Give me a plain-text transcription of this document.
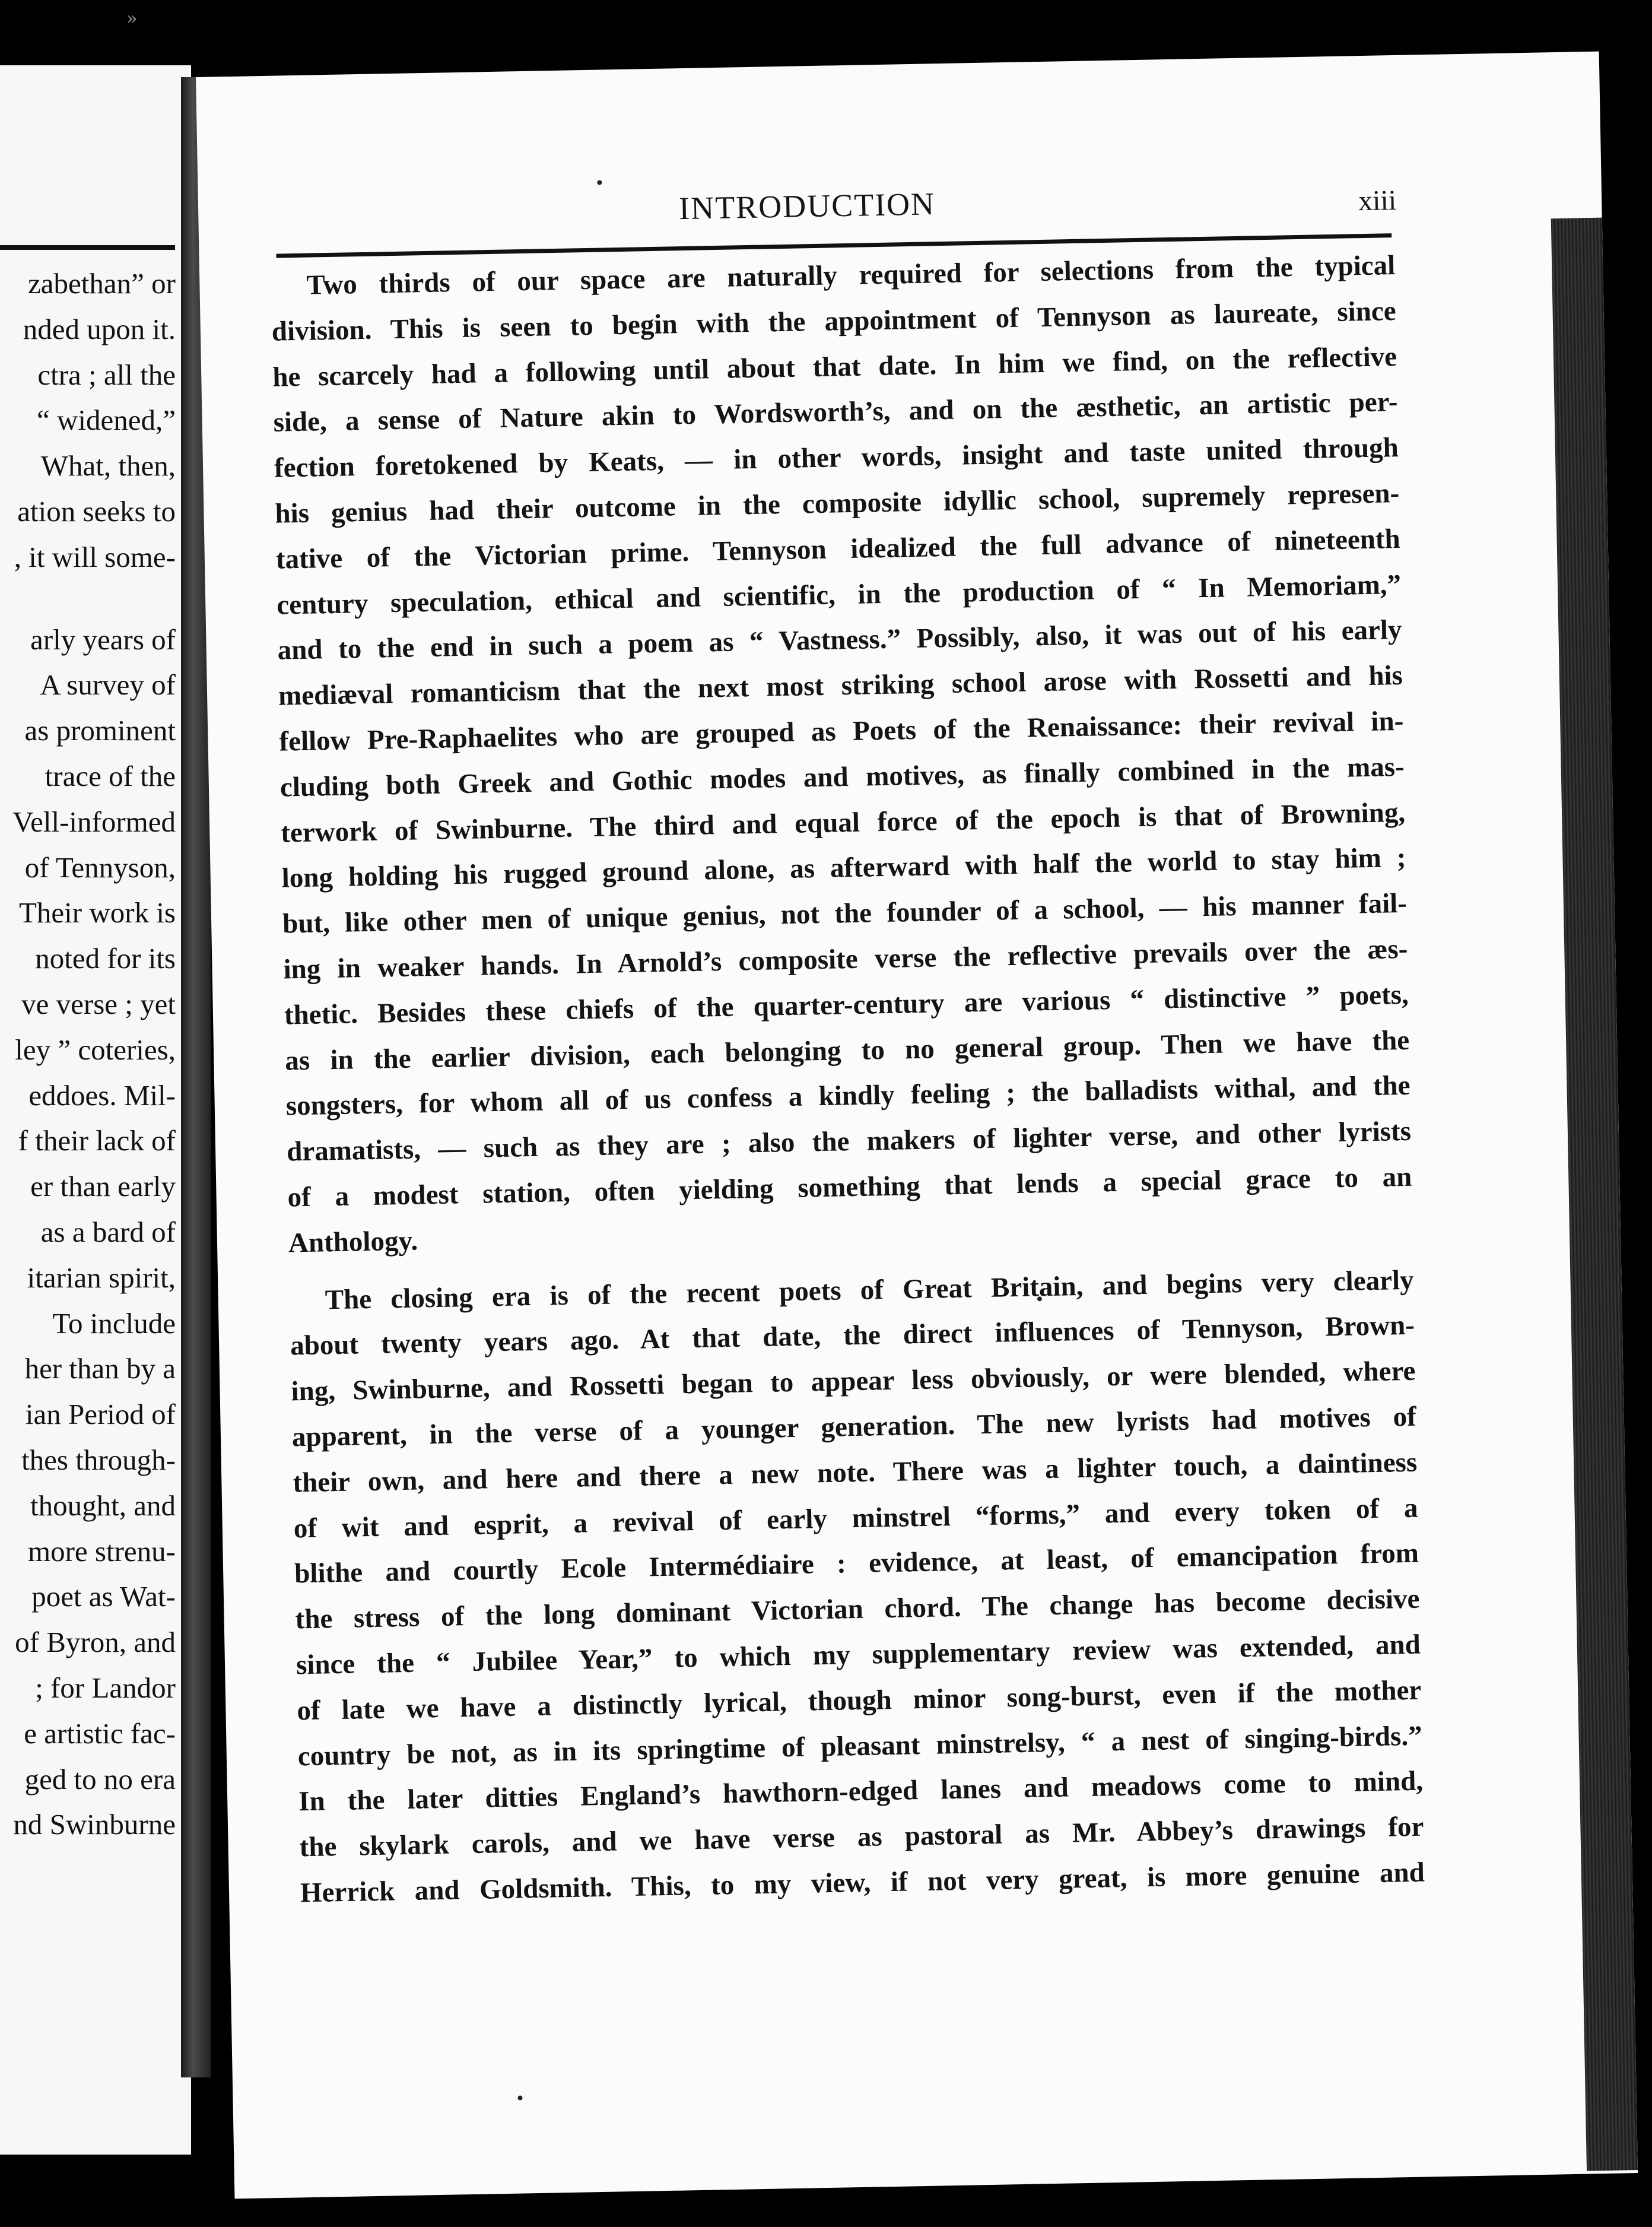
»
zabethan” or
nded upon it.
ctra ; all the
“ widened,”
What, then,
ation seeks to
, it will some-
arly years of
A survey of
as prominent
trace of the
Vell-informed
of Tennyson,
Their work is
noted for its
ve verse ; yet
ley ” coteries,
eddoes. Mil-
f their lack of
er than early
as a bard of
itarian spirit,
To include
her than by a
ian Period of
thes through-
thought, and
more strenu-
poet as Wat-
of Byron, and
; for Landor
e artistic fac-
ged to no era
nd Swinburne
INTRODUCTION	xiii
Two thirds of our space are naturally required for selections from the typical
division. This is seen to begin with the appointment of Tennyson as laureate, since
he scarcely had a following until about that date. In him we find, on the reflective
side, a sense of Nature akin to Wordsworth’s, and on the æsthetic, an artistic per-
fection foretokened by Keats, — in other words, insight and taste united through
his genius had their outcome in the composite idyllic school, supremely represen-
tative of the Victorian prime. Tennyson idealized the full advance of nineteenth
century speculation, ethical and scientific, in the production of “ In Memoriam,”
and to the end in such a poem as “ Vastness.” Possibly, also, it was out of his early
mediæval romanticism that the next most striking school arose with Rossetti and his
fellow Pre-Raphaelites who are grouped as Poets of the Renaissance: their revival in-
cluding both Greek and Gothic modes and motives, as finally combined in the mas-
terwork of Swinburne. The third and equal force of the epoch is that of Browning,
long holding his rugged ground alone, as afterward with half the world to stay him ;
but, like other men of unique genius, not the founder of a school, — his manner fail-
ing in weaker hands. In Arnold’s composite verse the reflective prevails over the æs-
thetic. Besides these chiefs of the quarter-century are various “ distinctive ” poets,
as in the earlier division, each belonging to no general group. Then we have the
songsters, for whom all of us confess a kindly feeling ; the balladists withal, and the
dramatists, — such as they are ; also the makers of lighter verse, and other lyrists
of a modest station, often yielding something that lends a special grace to an
Anthology.
The closing era is of the recent poets of Great Britain, and begins very clearly
about twenty years ago. At that date, the direct influences of Tennyson, Brown-
ing, Swinburne, and Rossetti began to appear less obviously, or were blended, where
apparent, in the verse of a younger generation. The new lyrists had motives of
their own, and here and there a new note. There was a lighter touch, a daintiness
of wit and esprit, a revival of early minstrel “forms,” and every token of a
blithe and courtly Ecole Intermédiaire : evidence, at least, of emancipation from
the stress of the long dominant Victorian chord. The change has become decisive
since the “ Jubilee Year,” to which my supplementary review was extended, and
of late we have a distinctly lyrical, though minor song-burst, even if the mother
country be not, as in its springtime of pleasant minstrelsy, “ a nest of singing-birds.”
In the later ditties England’s hawthorn-edged lanes and meadows come to mind,
the skylark carols, and we have verse as pastoral as Mr. Abbey’s drawings for
Herrick and Goldsmith. This, to my view, if not very great, is more genuine and
